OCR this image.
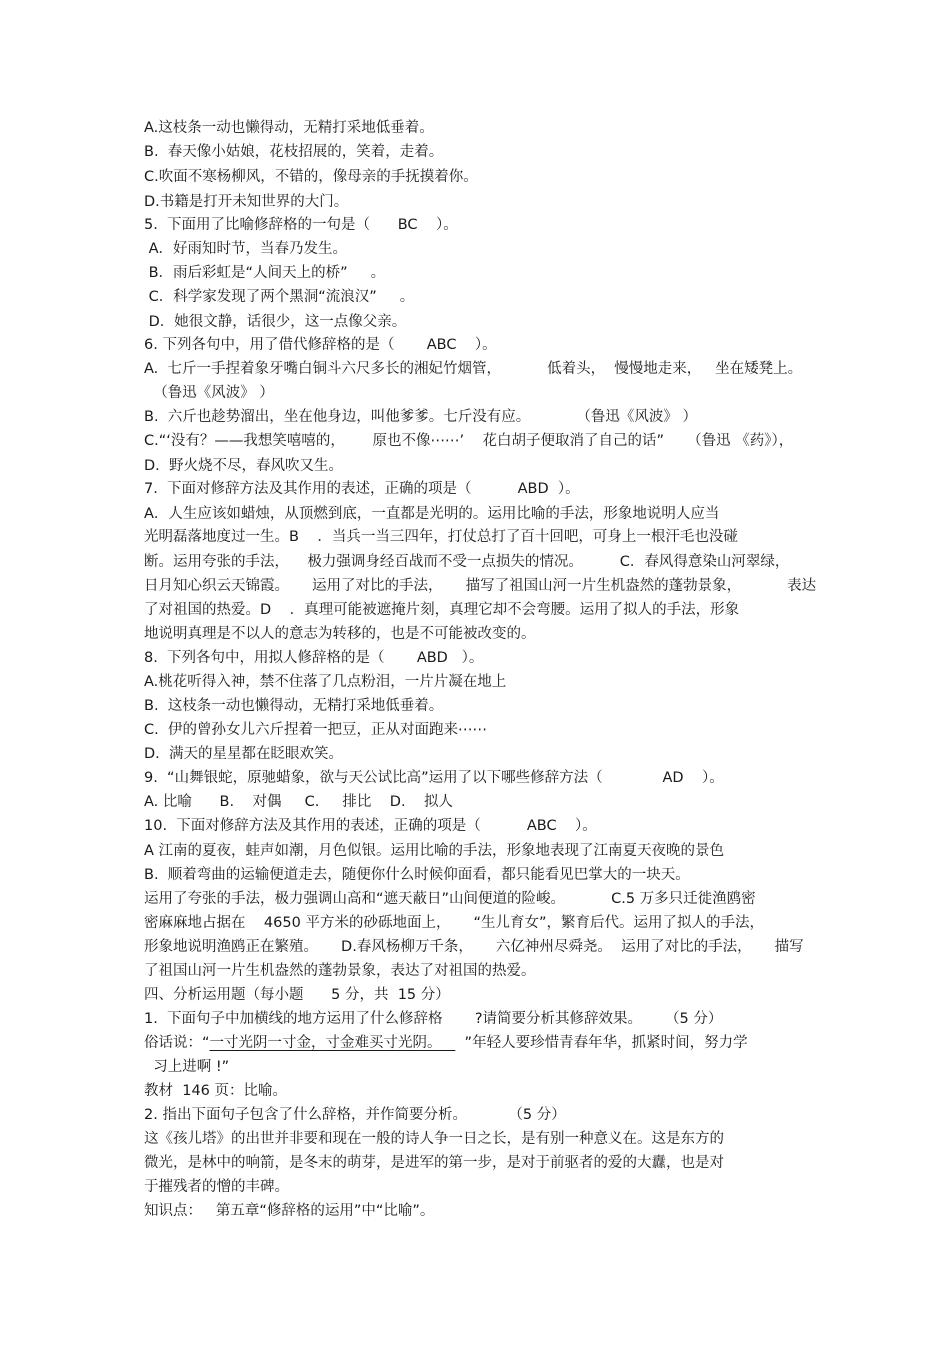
A.这枝条一动也懒得动，无精打采地低垂着。
B.  春天像小姑娘，花枝招展的，笑着，走着。
C.吹面不寒杨柳风，不错的，像母亲的手抚摸着你。
D.书籍是打开未知世界的大门。
5.  下面用了比喻修辞格的一句是（      BC    ）。
A．好雨知时节，当春乃发生。
B．雨后彩虹是“人间天上的桥”     。
C．科学家发现了两个黑洞“流浪汉”     。
D．她很文静，话很少，这一点像父亲。
6. 下列各句中，用了借代修辞格的是（       ABC    ）。
A.  七斤一手捏着象牙嘴白铜斗六尺多长的湘妃竹烟管，          低着头，  慢慢地走来，   坐在矮凳上。
（鲁迅《风波》 ）
B.  六斤也趁势溜出，坐在他身边，叫他爹爹。七斤没有应。          （鲁迅《风波》 ）
C.“‘没有？——我想笑嘻嘻的，      原也不像⋯⋯’    花白胡子便取消了自己的话”     （鲁迅 《药》），
D.  野火烧不尽，春风吹又生。
7.  下面对修辞方法及其作用的表述，正确的项是（          ABD  ）。
A．人生应该如蜡烛，从顶燃到底，一直都是光明的。运用比喻的手法，形象地说明人应当
光明磊落地度过一生。B    ．当兵一当三四年，打仗总打了百十回吧，可身上一根汗毛也没碰
断。运用夸张的手法，    极力强调身经百战而不受一点损失的情况。        C．春风得意染山河翠绿，
日月知心织云天锦霞。     运用了对比的手法，     描写了祖国山河一片生机盎然的蓬勃景象，          表达
了对祖国的热爱。D    ．真理可能被遮掩片刻，真理它却不会弯腰。运用了拟人的手法，形象
地说明真理是不以人的意志为转移的，也是不可能被改变的。
8.  下列各句中，用拟人修辞格的是（       ABD   ）。
A.桃花听得入神，禁不住落了几点粉泪，一片片凝在地上
B.  这枝条一动也懒得动，无精打采地低垂着。
C.  伊的曾孙女儿六斤捏着一把豆，正从对面跑来⋯⋯
D.  满天的星星都在眨眼欢笑。
9.  “山舞银蛇，原驰蜡象，欲与天公试比高”运用了以下哪些修辞方法（             AD    ）。
A. 比喻      B.    对偶     C.     排比    D.    拟人
10.  下面对修辞方法及其作用的表述，正确的项是（          ABC    ）。
A 江南的夏夜，蛙声如潮，月色似银。运用比喻的手法，形象地表现了江南夏天夜晚的景色
B.  顺着弯曲的运输便道走去，随便你什么时候仰面看，都只能看见巴掌大的一块天。
运用了夸张的手法，极力强调山高和“遮天蔽日”山间便道的险峻。          C.5 万多只迁徙渔鸥密
密麻麻地占据在    4650 平方米的砂砾地面上，     “生儿育女”，繁育后代。运用了拟人的手法，
形象地说明渔鸥正在繁殖。     D.春风杨柳万千条，     六亿神州尽舜尧。  运用了对比的手法，     描写
了祖国山河一片生机盎然的蓬勃景象，表达了对祖国的热爱。
四、分析运用题（每小题      5 分，共  15 分）
1.  下面句子中加横线的地方运用了什么修辞格       ?请简要分析其修辞效果。     （5 分）
俗话说：“一寸光阴一寸金，寸金难买寸光阴。     ”年轻人要珍惜青春年华，抓紧时间，努力学
习上进啊 !”
教材  146 页：比喻。
2. 指出下面句子包含了什么辞格，并作简要分析。         （5 分）
这《孩儿塔》的出世并非要和现在一般的诗人争一日之长，是有别一种意义在。这是东方的
微光，是林中的响箭，是冬末的萌芽，是进军的第一步，是对于前驱者的爱的大纛，也是对
于摧残者的憎的丰碑。
知识点：   第五章“修辞格的运用”中“比喻”。
